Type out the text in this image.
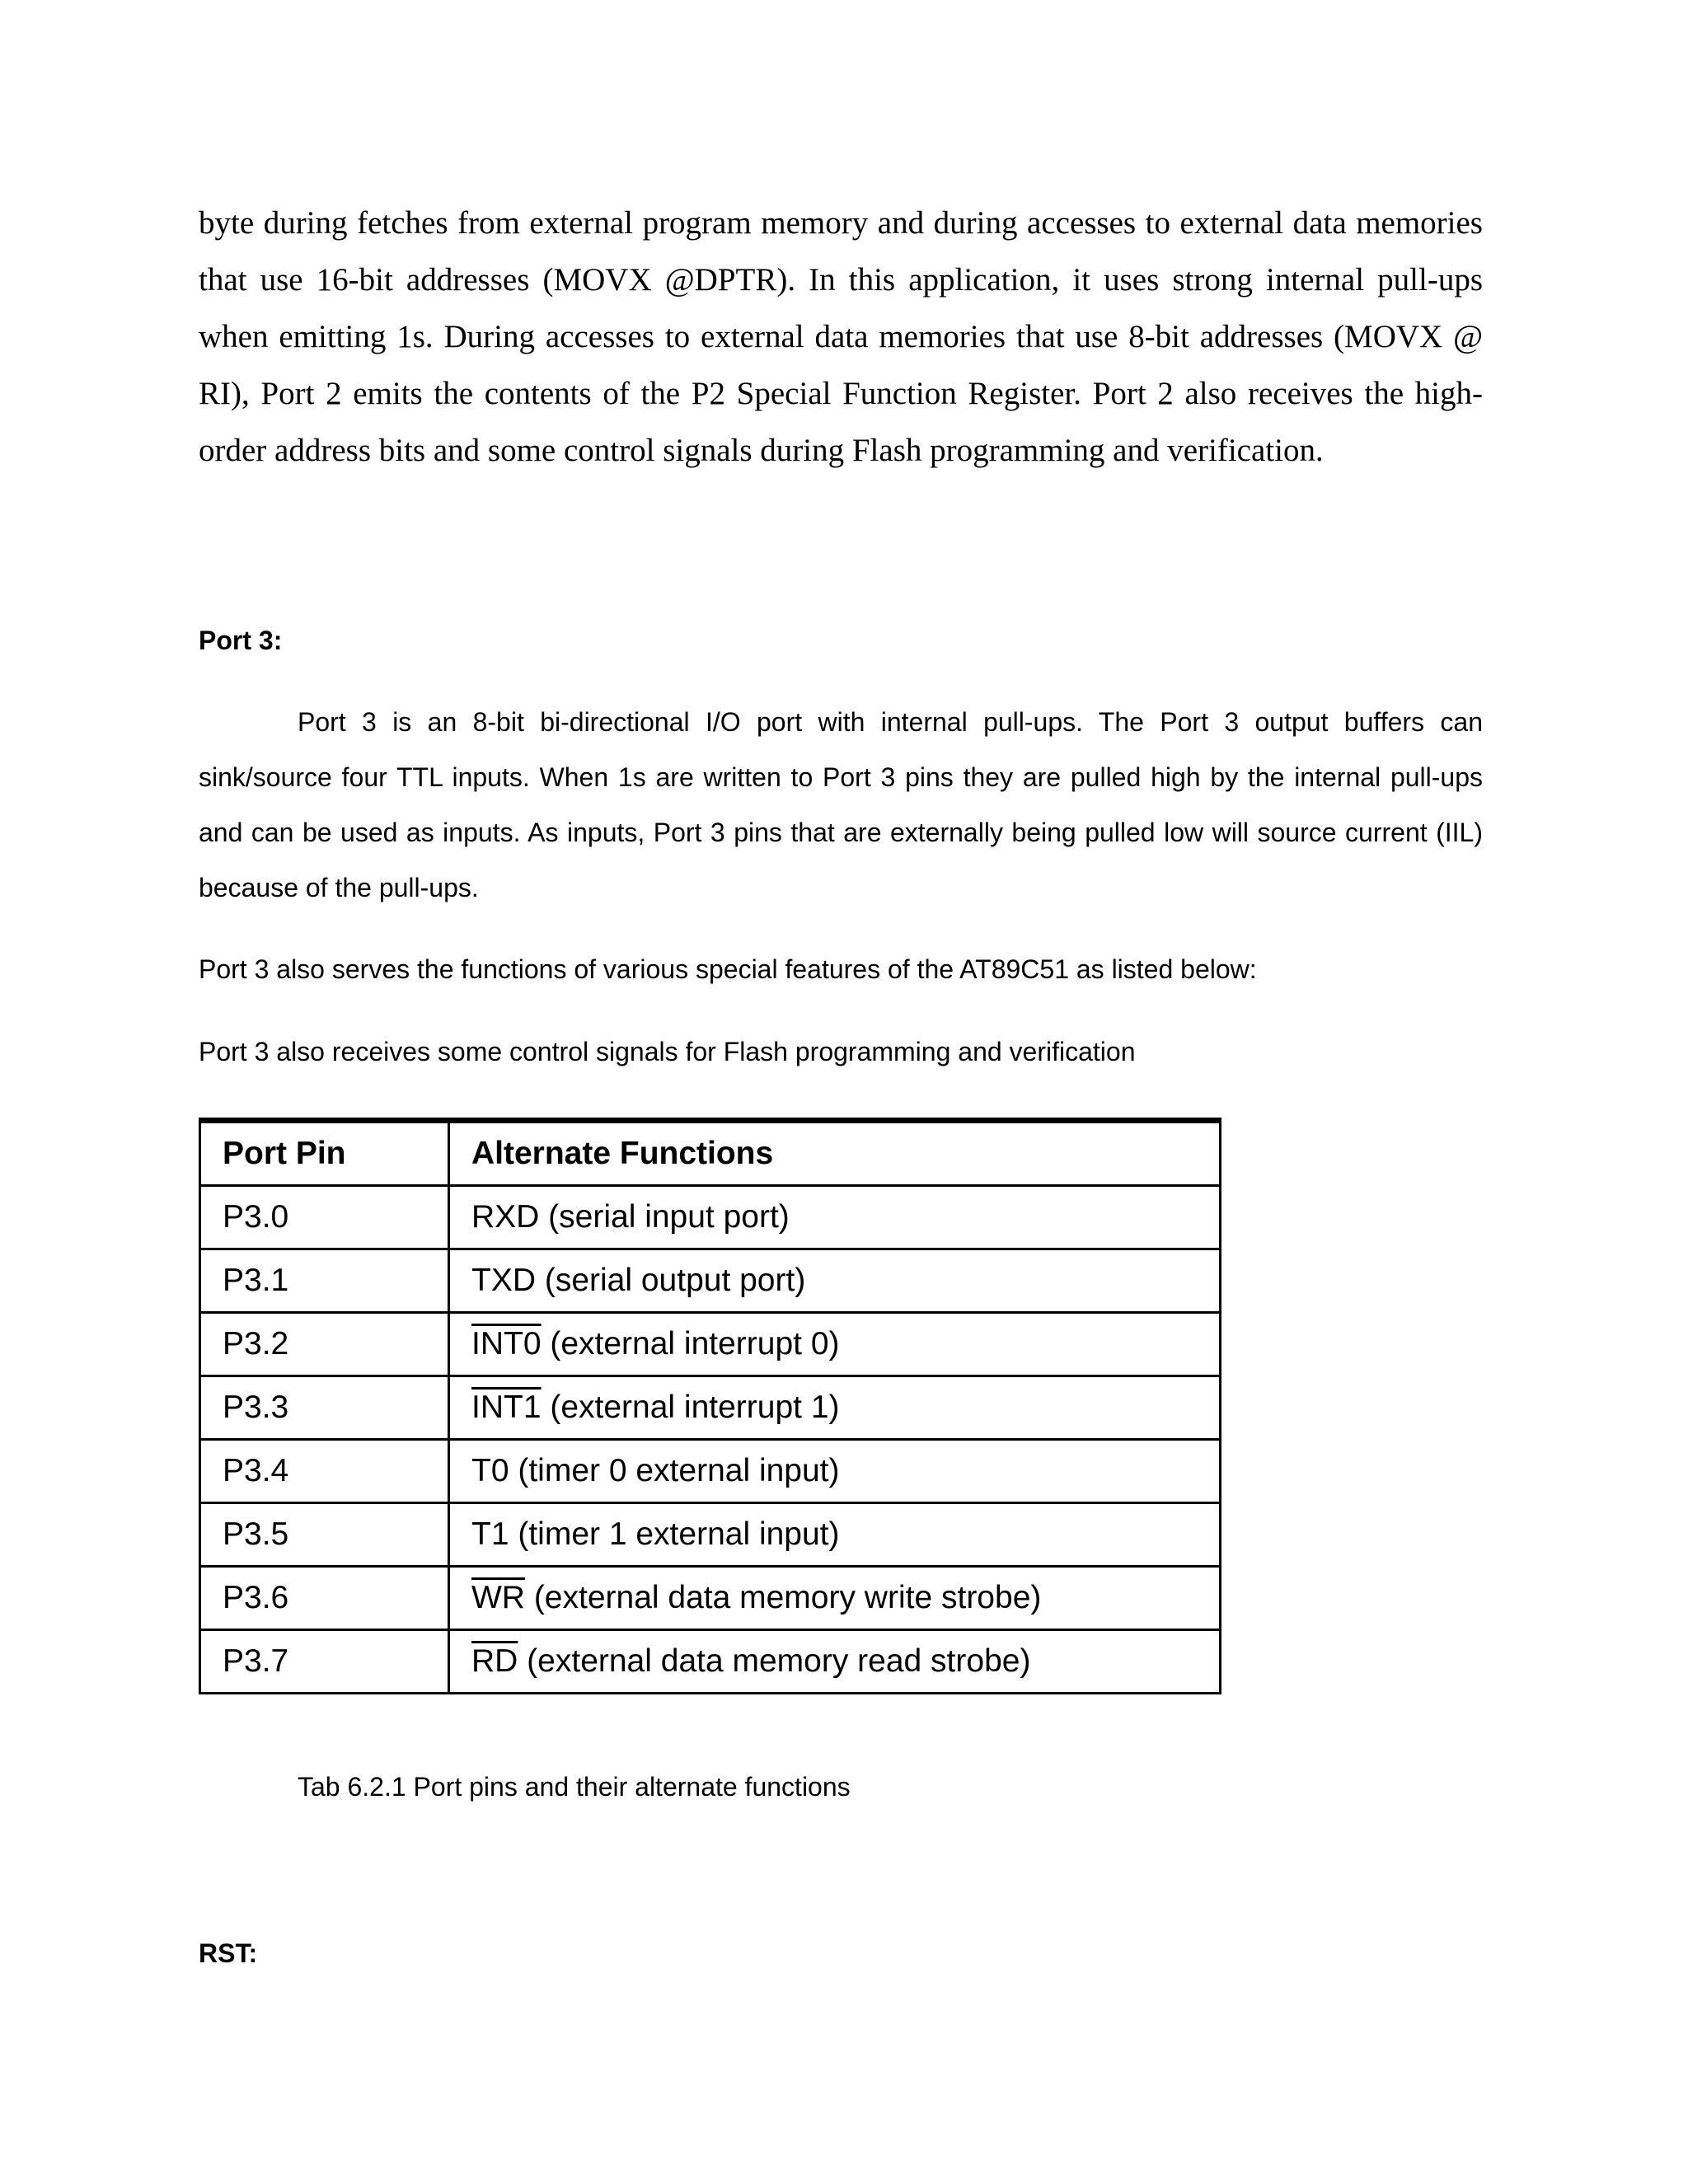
byte during fetches from external program memory and during accesses to external data memories that use 16-bit addresses (MOVX @DPTR). In this application, it uses strong internal pull-ups when emitting 1s. During accesses to external data memories that use 8-bit addresses (MOVX @ RI), Port 2 emits the contents of the P2 Special Function Register. Port 2 also receives the high-order address bits and some control signals during Flash programming and verification.

Port 3:

Port 3 is an 8-bit bi-directional I/O port with internal pull-ups. The Port 3 output buffers can sink/source four TTL inputs. When 1s are written to Port 3 pins they are pulled high by the internal pull-ups and can be used as inputs. As inputs, Port 3 pins that are externally being pulled low will source current (IIL) because of the pull-ups.

Port 3 also serves the functions of various special features of the AT89C51 as listed below:

Port 3 also receives some control signals for Flash programming and verification

Port Pin	Alternate Functions
P3.0	RXD (serial input port)
P3.1	TXD (serial output port)
P3.2	INT0 (external interrupt 0)
P3.3	INT1 (external interrupt 1)
P3.4	T0 (timer 0 external input)
P3.5	T1 (timer 1 external input)
P3.6	$\overline{WR}$ (external data memory write strobe)
P3.7	$\overline{RD}$ (external data memory read strobe)

Tab 6.2.1 Port pins and their alternate functions

RST:
